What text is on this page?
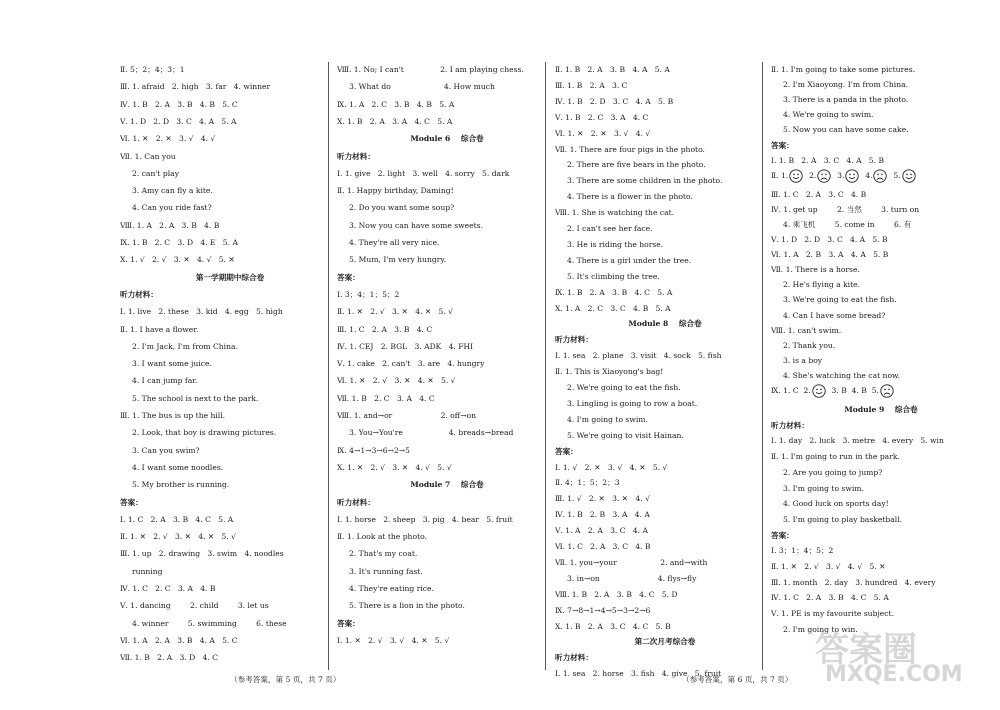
Ⅱ. 5；2；4；3；1
Ⅲ. 1. afraid   2. high   3. far   4. winner
Ⅳ. 1. B   2. A   3. B   4. B   5. C
Ⅴ. 1. D   2. D   3. C   4. A   5. A
Ⅵ. 1. ✕   2. ✕   3. √   4. √
Ⅶ. 1. Can you
2. can't play
3. Amy can fly a kite.
4. Can you ride fast?
Ⅷ. 1. A   2. A   3. B   4. B
Ⅸ. 1. B   2. C   3. D   4. E   5. A
Ⅹ. 1. √   2. √   3. ✕   4. √   5. ✕
第一学期期中综合卷
听力材料：
Ⅰ. 1. live   2. these   3. kid   4. egg   5. high
Ⅱ. 1. I have a flower.
2. I'm Jack, I'm from China.
3. I want some juice.
4. I can jump far.
5. The school is next to the park.
Ⅲ. 1. The bus is up the hill.
2. Look, that boy is drawing pictures.
3. Can you swim?
4. I want some noodles.
5. My brother is running.
答案：
Ⅰ. 1. C   2. A   3. B   4. C   5. A
Ⅱ. 1. ✕   2. √   3. ✕   4. ✕   5. √
Ⅲ. 1. up   2. drawing   3. swim   4. noodles
running
Ⅳ. 1. C   2. C   3. A   4. B
Ⅴ. 1. dancing        2. child        3. let us
4. winner        5. swimming        6. these
Ⅵ. 1. A   2. A   3. B   4. A   5. C
Ⅶ. 1. B   2. A   3. D   4. C
Ⅷ. 1. No; I can't               2. I am playing chess.
3. What do                      4. How much
Ⅸ. 1. A   2. C   3. B   4. B   5. A
Ⅹ. 1. B   2. A   3. A   4. C   5. A
Module 6    综合卷
听力材料：
Ⅰ. 1. give   2. light   3. well   4. sorry   5. dark
Ⅱ. 1. Happy birthday, Daming!
2. Do you want some soup?
3. Now you can have some sweets.
4. They're all very nice.
5. Mum, I'm very hungry.
答案：
Ⅰ. 3；4；1；5；2
Ⅱ. 1. ✕   2. √   3. ✕   4. ✕   5. √
Ⅲ. 1. C   2. A   3. B   4. C
Ⅳ. 1. CEJ   2. BGL   3. ADK   4. FHI
Ⅴ. 1. cake   2. can't   3. are   4. hungry
Ⅵ. 1. ✕   2. √   3. ✕   4. ✕   5. √
Ⅶ. 1. B   2. C   3. A   4. C
Ⅷ. 1. and→or                    2. off→on
3. You→You're                   4. breads→bread
Ⅸ. 4→1→3→6→2→5
Ⅹ. 1. ✕   2. √   3. ✕   4. √   5. √
Module 7    综合卷
听力材料：
Ⅰ. 1. horse   2. sheep   3. pig   4. bear   5. fruit
Ⅱ. 1. Look at the photo.
2. That's my coat.
3. It's running fast.
4. They're eating rice.
5. There is a lion in the photo.
答案：
Ⅰ. 1. ✕   2. √   3. √   4. ✕   5. √
Ⅱ. 1. B   2. A   3. B   4. A   5. A
Ⅲ. 1. B   2. A   3. C
Ⅳ. 1. B   2. D   3. C   4. A   5. B
Ⅴ. 1. B   2. C   3. A   4. C
Ⅵ. 1. ✕   2. ✕   3. √   4. √
Ⅶ. 1. There are four pigs in the photo.
2. There are five bears in the photo.
3. There are some children in the photo.
4. There is a flower in the photo.
Ⅷ. 1. She is watching the cat.
2. I can't see her face.
3. He is riding the horse.
4. There is a girl under the tree.
5. It's climbing the tree.
Ⅸ. 1. B   2. A   3. B   4. C   5. A
Ⅹ. 1. A   2. C   3. C   4. B   5. A
Module 8    综合卷
听力材料：
Ⅰ. 1. sea   2. plane   3. visit   4. sock   5. fish
Ⅱ. 1. This is Xiaoyong's bag!
2. We're going to eat the fish.
3. Lingling is going to row a boat.
4. I'm going to swim.
5. We're going to visit Hainan.
答案：
Ⅰ. 1. √   2. ✕   3. √   4. ✕   5. √
Ⅱ. 4；1；5；2；3
Ⅲ. 1. √   2. ✕   3. ✕   4. √
Ⅳ. 1. B   2. B   3. A   4. A
Ⅴ. 1. A   2. A   3. C   4. A
Ⅵ. 1. C   2. A   3. C   4. B
Ⅶ. 1. you→your                  2. and→with
3. in→on                        4. flys→fly
Ⅷ. 1. B   2. A   3. B   4. C   5. D
Ⅸ. 7→8→1→4→5→3→2→6
Ⅹ. 1. B   2. A   3. C   4. C   5. B
第二次月考综合卷
听力材料：
Ⅰ. 1. sea   2. horse   3. fish   4. give   5. fruit
Ⅱ. 1. I'm going to take some pictures.
2. I'm Xiaoyong. I'm from China.
3. There is a panda in the photo.
4. We're going to swim.
5. Now you can have some cake.
答案：
Ⅰ. 1. B   2. A   3. C   4. A   5. B
Ⅱ. 1.	2.	3.	4.	5.
Ⅲ. 1. C   2. A   3. C   4. B
Ⅳ. 1. get up        2. 当然        3. turn on
4. 乘飞机        5. come in        6. 有
Ⅴ. 1. D   2. D   3. C   4. A   5. B
Ⅵ. 1. A   2. B   3. A   4. A   5. B
Ⅶ. 1. There is a horse.
2. He's flying a kite.
3. We're going to eat the fish.
4. Can I have some bread?
Ⅷ. 1. can't swim.
2. Thank you.
3. is a boy
4. She's watching the cat now.
Ⅸ. 1. C 2.	3. B 4. B 5.
Module 9    综合卷
听力材料：
Ⅰ. 1. day   2. luck   3. metre   4. every   5. win
Ⅱ. 1. I'm going to run in the park.
2. Are you going to jump?
3. I'm going to swim.
4. Good luck on sports day!
5. I'm going to play basketball.
答案：
Ⅰ. 3；1；4；5；2
Ⅱ. 1. ✕   2. √   3. √   4. √   5. ✕
Ⅲ. 1. month   2. day   3. hundred   4. every
Ⅳ. 1. C   2. A   3. B   4. C   5. A
Ⅴ. 1. PE is my favourite subject.
2. I'm going to win.
（参考答案，第 5 页，共 7 页）	（参考答案，第 6 页，共 7 页）
答案圈
MXQE.COM
